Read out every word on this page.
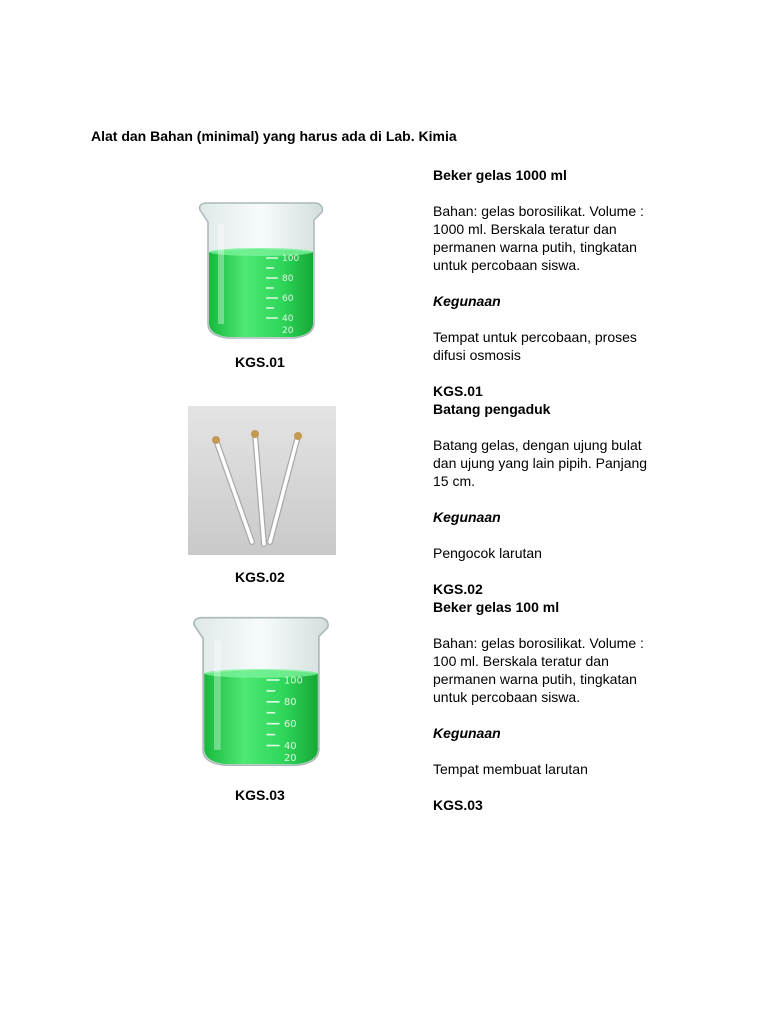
Alat dan Bahan (minimal) yang harus ada di Lab. Kimia
100
80
60
40
20
KGS.01
KGS.02
100
80
60
40
20
KGS.03

Beker gelas 1000 ml

Bahan: gelas borosilikat. Volume :

1000 ml. Berskala teratur dan

permanen warna putih, tingkatan

untuk percobaan siswa.

Kegunaan

Tempat untuk percobaan, proses

difusi osmosis

KGS.01

Batang pengaduk

Batang gelas, dengan ujung bulat

dan ujung yang lain pipih. Panjang

15 cm.

Kegunaan

Pengocok larutan

KGS.02

Beker gelas 100 ml

Bahan: gelas borosilikat. Volume :

100 ml. Berskala teratur dan

permanen warna putih, tingkatan

untuk percobaan siswa.

Kegunaan

Tempat membuat larutan

KGS.03
